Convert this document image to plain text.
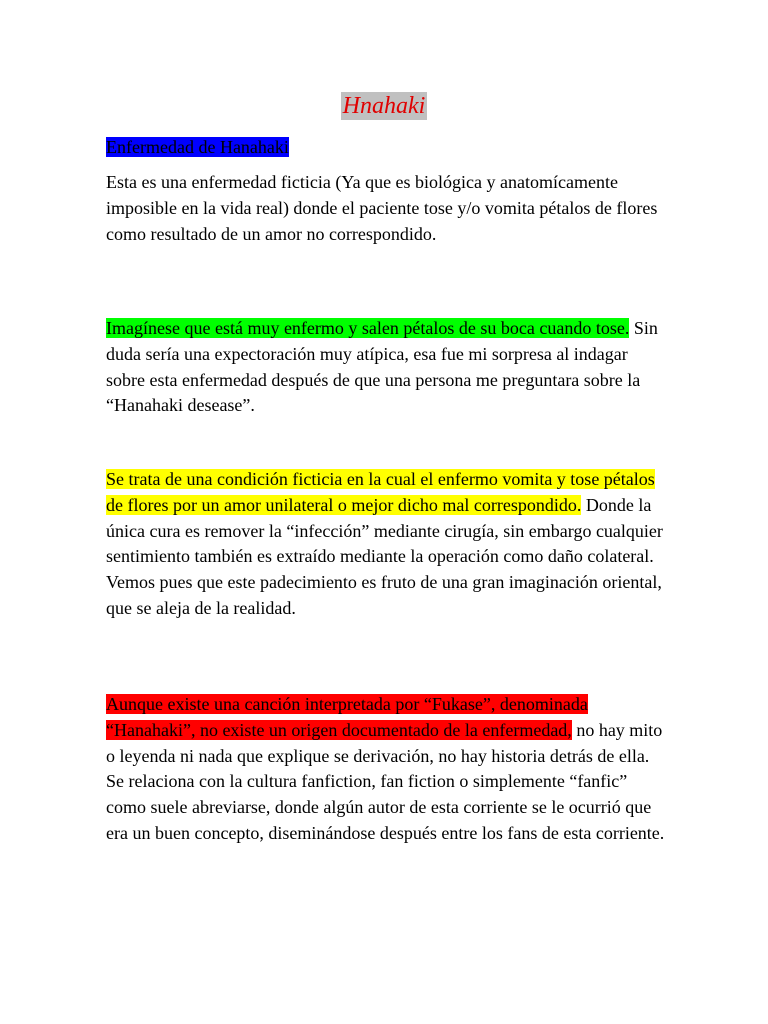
Hnahaki
Enfermedad de Hanahaki

Esta es una enfermedad ficticia (Ya que es biológica y anatomícamente imposible en la vida real) donde el paciente tose y/o vomita pétalos de flores como resultado de un amor no correspondido.

Imagínese que está muy enfermo y salen pétalos de su boca cuando tose. Sin duda sería una expectoración muy atípica, esa fue mi sorpresa al indagar sobre esta enfermedad después de que una persona me preguntara sobre la “Hanahaki desease”.

Se trata de una condición ficticia en la cual el enfermo vomita y tose pétalos de flores por un amor unilateral o mejor dicho mal correspondido. Donde la única cura es remover la “infección” mediante cirugía, sin embargo cualquier sentimiento también es extraído mediante la operación como daño colateral. Vemos pues que este padecimiento es fruto de una gran imaginación oriental, que se aleja de la realidad.

Aunque existe una canción interpretada por “Fukase”, denominada “Hanahaki”, no existe un origen documentado de la enfermedad, no hay mito o leyenda ni nada que explique se derivación, no hay historia detrás de ella. Se relaciona con la cultura fanfiction, fan fiction o simplemente “fanfic” como suele abreviarse, donde algún autor de esta corriente se le ocurrió que era un buen concepto, diseminándose después entre los fans de esta corriente.
